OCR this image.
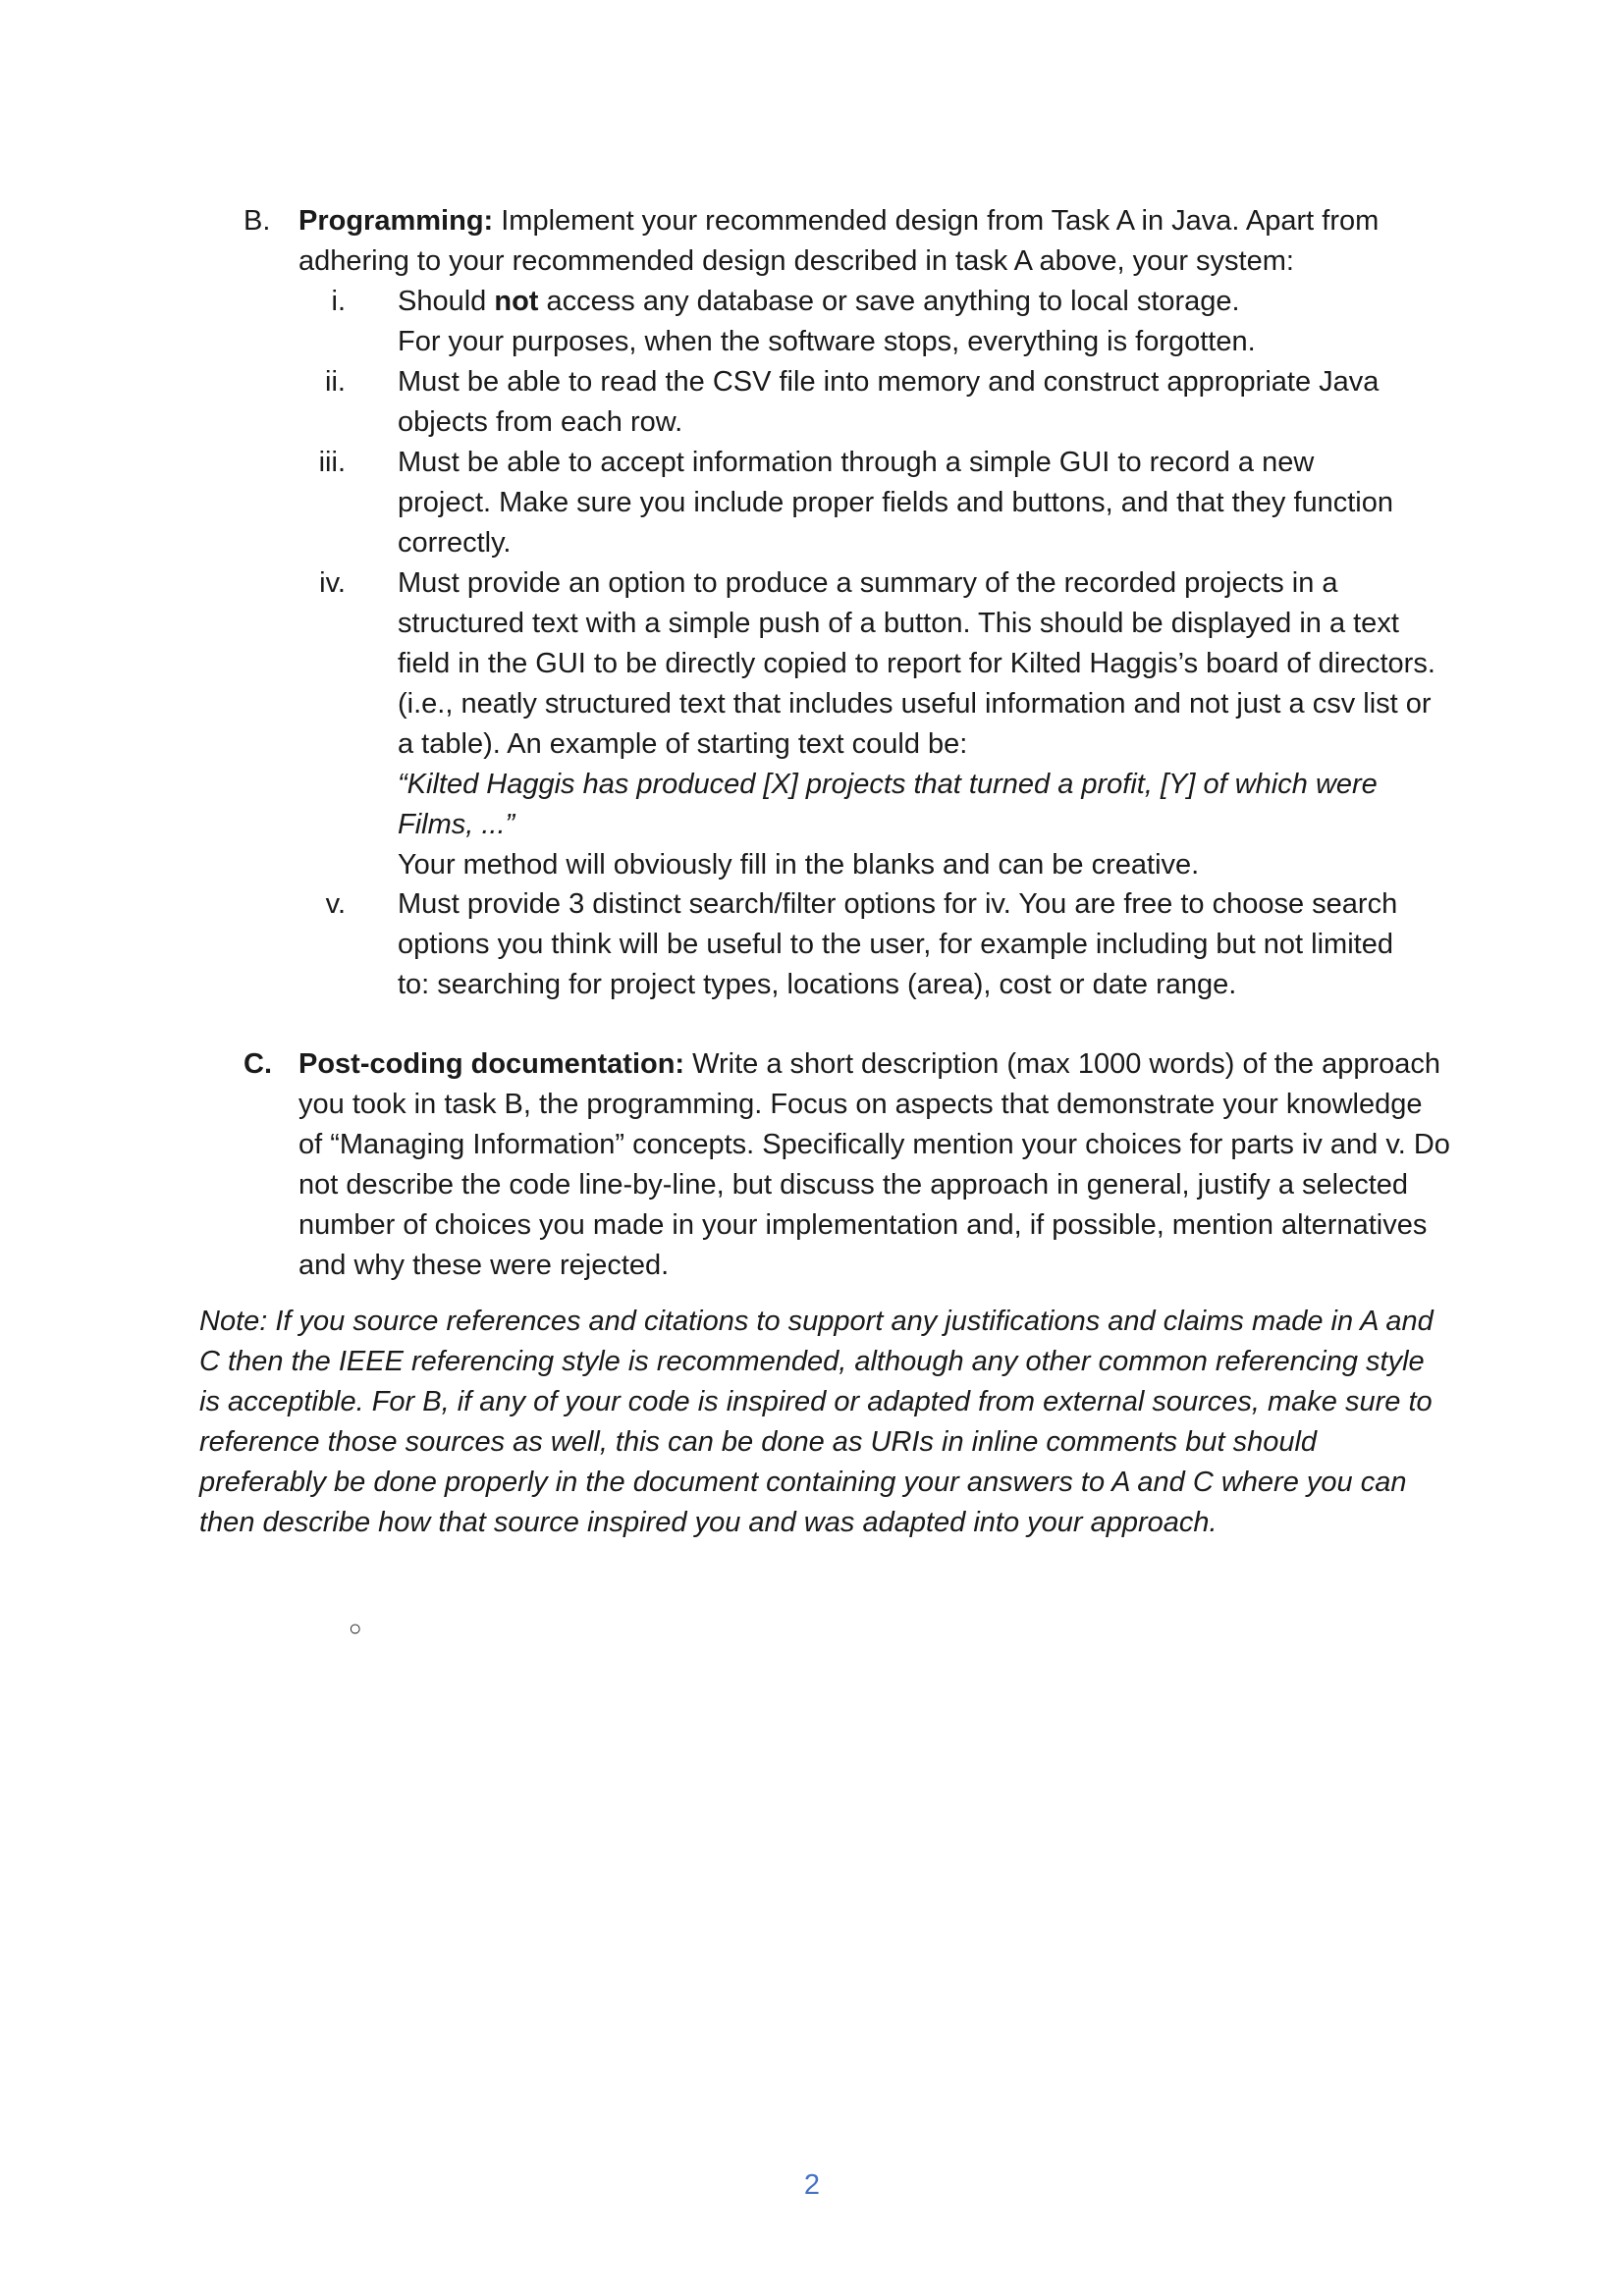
B. Programming: Implement your recommended design from Task A in Java. Apart from adhering to your recommended design described in task A above, your system:
i. Should not access any database or save anything to local storage.
For your purposes, when the software stops, everything is forgotten.
ii. Must be able to read the CSV file into memory and construct appropriate Java objects from each row.
iii. Must be able to accept information through a simple GUI to record a new project. Make sure you include proper fields and buttons, and that they function correctly.
iv. Must provide an option to produce a summary of the recorded projects in a structured text with a simple push of a button. This should be displayed in a text field in the GUI to be directly copied to report for Kilted Haggis’s board of directors. (i.e., neatly structured text that includes useful information and not just a csv list or a table). An example of starting text could be:
“Kilted Haggis has produced [X] projects that turned a profit, [Y] of which were Films, ...”
Your method will obviously fill in the blanks and can be creative.
v. Must provide 3 distinct search/filter options for iv. You are free to choose search options you think will be useful to the user, for example including but not limited to: searching for project types, locations (area), cost or date range.
C. Post-coding documentation: Write a short description (max 1000 words) of the approach you took in task B, the programming. Focus on aspects that demonstrate your knowledge of “Managing Information” concepts. Specifically mention your choices for parts iv and v. Do not describe the code line-by-line, but discuss the approach in general, justify a selected number of choices you made in your implementation and, if possible, mention alternatives and why these were rejected.
Note: If you source references and citations to support any justifications and claims made in A and C then the IEEE referencing style is recommended, although any other common referencing style is acceptible. For B, if any of your code is inspired or adapted from external sources, make sure to reference those sources as well, this can be done as URIs in inline comments but should preferably be done properly in the document containing your answers to A and C where you can then describe how that source inspired you and was adapted into your approach.
○
2
